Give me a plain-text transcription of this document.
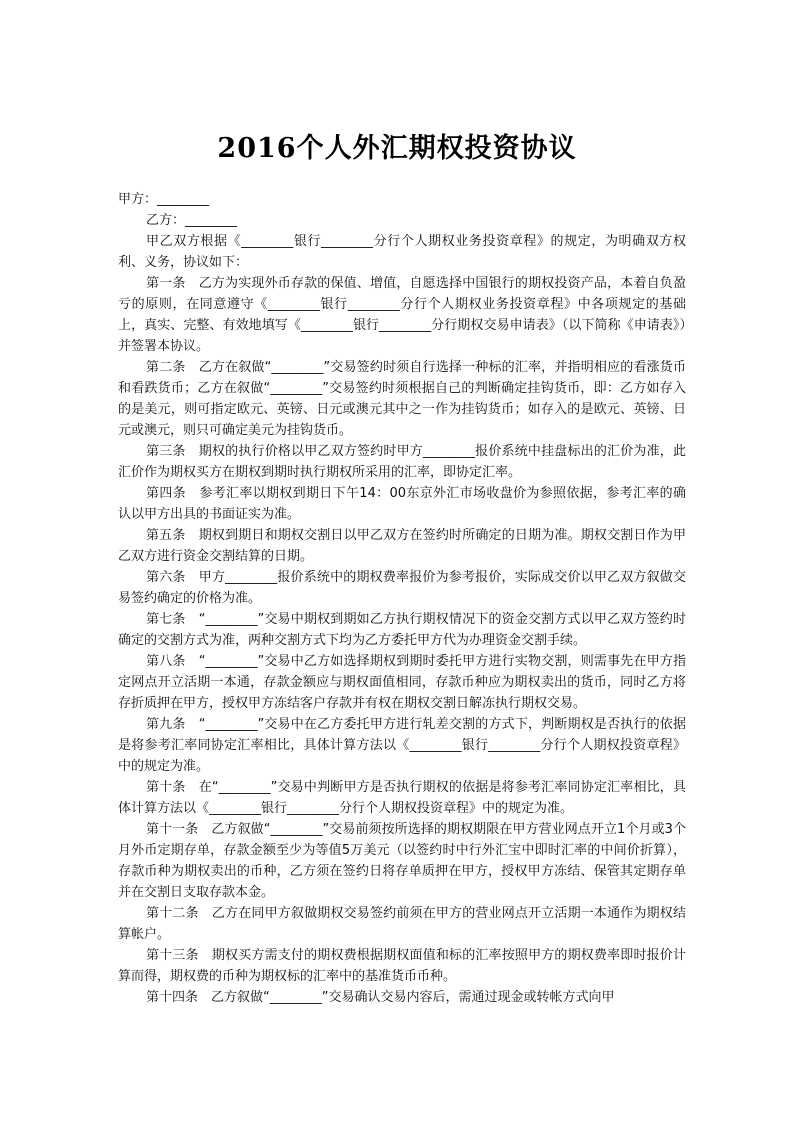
2016个人外汇期权投资协议

甲方：________

乙方：________

甲乙双方根据《________银行________分行个人期权业务投资章程》的规定，为明确双方权利、义务，协议如下：

第一条　乙方为实现外币存款的保值、增值，自愿选择中国银行的期权投资产品，本着自负盈亏的原则，在同意遵守《________银行________分行个人期权业务投资章程》中各项规定的基础上，真实、完整、有效地填写《________银行________分行期权交易申请表》（以下简称《申请表》）并签署本协议。

第二条　乙方在叙做“________”交易签约时须自行选择一种标的汇率，并指明相应的看涨货币和看跌货币；乙方在叙做“________”交易签约时须根据自己的判断确定挂钩货币，即：乙方如存入的是美元，则可指定欧元、英镑、日元或澳元其中之一作为挂钩货币；如存入的是欧元、英镑、日元或澳元，则只可确定美元为挂钩货币。

第三条　期权的执行价格以甲乙双方签约时甲方________报价系统中挂盘标出的汇价为准，此汇价作为期权买方在期权到期时执行期权所采用的汇率，即协定汇率。

第四条　参考汇率以期权到期日下午14：00东京外汇市场收盘价为参照依据，参考汇率的确认以甲方出具的书面证实为准。

第五条　期权到期日和期权交割日以甲乙双方在签约时所确定的日期为准。期权交割日作为甲乙双方进行资金交割结算的日期。

第六条　甲方________报价系统中的期权费率报价为参考报价，实际成交价以甲乙双方叙做交易签约确定的价格为准。

第七条　“________”交易中期权到期如乙方执行期权情况下的资金交割方式以甲乙双方签约时确定的交割方式为准，两种交割方式下均为乙方委托甲方代为办理资金交割手续。

第八条　“________”交易中乙方如选择期权到期时委托甲方进行实物交割，则需事先在甲方指定网点开立活期一本通，存款金额应与期权面值相同，存款币种应为期权卖出的货币，同时乙方将存折质押在甲方，授权甲方冻结客户存款并有权在期权交割日解冻执行期权交易。

第九条　“________”交易中在乙方委托甲方进行轧差交割的方式下，判断期权是否执行的依据是将参考汇率同协定汇率相比，具体计算方法以《________银行________分行个人期权投资章程》中的规定为准。

第十条　在“________”交易中判断甲方是否执行期权的依据是将参考汇率同协定汇率相比，具体计算方法以《________银行________分行个人期权投资章程》中的规定为准。

第十一条　乙方叙做“________”交易前须按所选择的期权期限在甲方营业网点开立1个月或3个月外币定期存单，存款金额至少为等值5万美元（以签约时中行外汇宝中即时汇率的中间价折算），存款币种为期权卖出的币种，乙方须在签约日将存单质押在甲方，授权甲方冻结、保管其定期存单并在交割日支取存款本金。

第十二条　乙方在同甲方叙做期权交易签约前须在甲方的营业网点开立活期一本通作为期权结算帐户。

第十三条　期权买方需支付的期权费根据期权面值和标的汇率按照甲方的期权费率即时报价计算而得，期权费的币种为期权标的汇率中的基准货币币种。

第十四条　乙方叙做“________”交易确认交易内容后，需通过现金或转帐方式向甲
